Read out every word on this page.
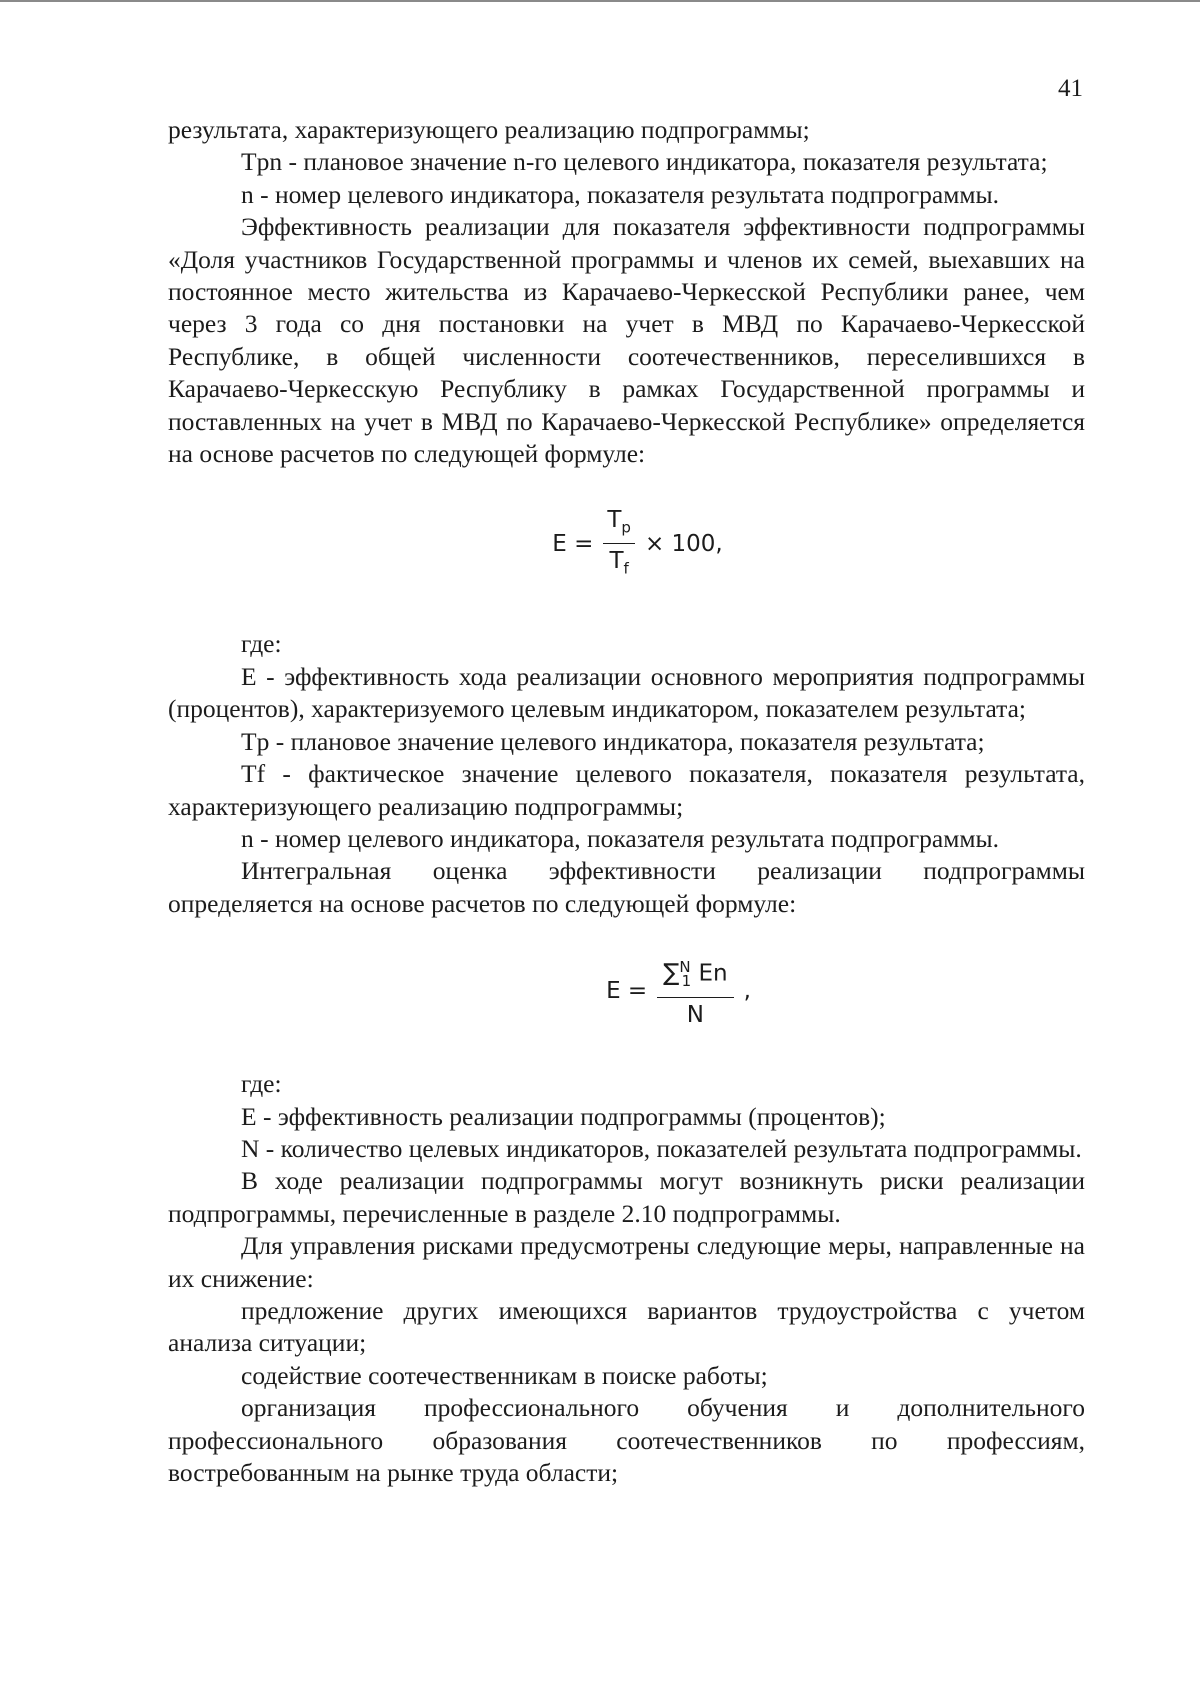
41

результата, характеризующего реализацию подпрограммы;

Tpn - плановое значение n-го целевого индикатора, показателя результата;

n - номер целевого индикатора, показателя результата подпрограммы.

Эффективность реализации для показателя эффективности подпрограммы «Доля участников Государственной программы и членов их семей, выехавших на постоянное место жительства из Карачаево-Черкесской Республики ранее, чем через 3 года со дня постановки на учет в МВД по Карачаево-Черкесской Республике, в общей численности соотечественников, переселившихся в Карачаево-Черкесскую Республику в рамках Государственной программы и поставленных на учет в МВД по Карачаево-Черкесской Республике» определяется на основе расчетов по следующей формуле:

$E = \frac{T_p}{T_f} \times 100$,

где:

E - эффективность хода реализации основного мероприятия подпрограммы (процентов), характеризуемого целевым индикатором, показателем результата;

Tp - плановое значение целевого индикатора, показателя результата;

Tf - фактическое значение целевого показателя, показателя результата, характеризующего реализацию подпрограммы;

n - номер целевого индикатора, показателя результата подпрограммы.

Интегральная оценка эффективности реализации подпрограммы определяется на основе расчетов по следующей формуле:

$E = \frac{\sum^N_1 En}{N}$ ,

где:

E - эффективность реализации подпрограммы (процентов);

N - количество целевых индикаторов, показателей результата подпрограммы.

В ходе реализации подпрограммы могут возникнуть риски реализации подпрограммы, перечисленные в разделе 2.10 подпрограммы.

Для управления рисками предусмотрены следующие меры, направленные на их снижение:

предложение других имеющихся вариантов трудоустройства с учетом анализа ситуации;

содействие соотечественникам в поиске работы;

организация профессионального обучения и дополнительного профессионального образования соотечественников по профессиям, востребованным на рынке труда области;
